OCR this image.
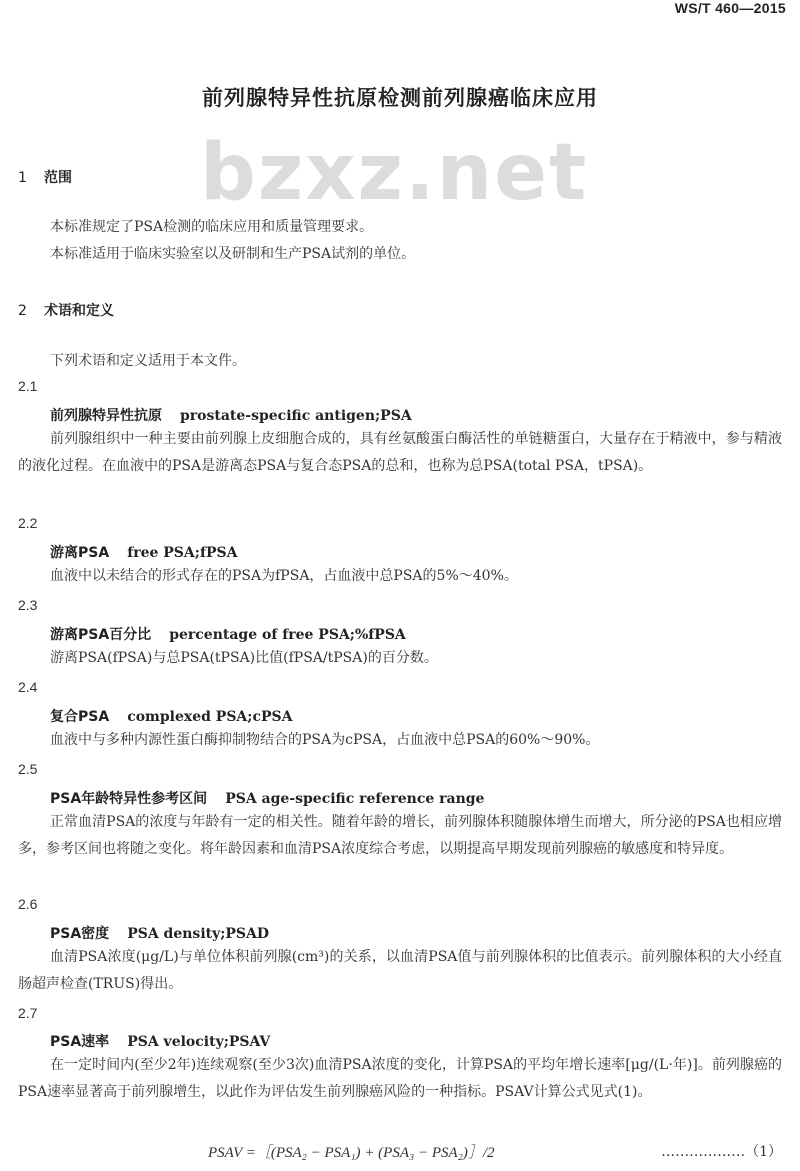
WS/T 460—2015
bzxz.net
前列腺特异性抗原检测前列腺癌临床应用
1 范围
本标准规定了PSA检测的临床应用和质量管理要求。
本标准适用于临床实验室以及研制和生产PSA试剂的单位。
2 术语和定义
下列术语和定义适用于本文件。
2.1
前列腺特异性抗原 prostate-specific antigen;PSA
前列腺组织中一种主要由前列腺上皮细胞合成的，具有丝氨酸蛋白酶活性的单链糖蛋白，大量存在于精液中，参与精液的液化过程。在血液中的PSA是游离态PSA与复合态PSA的总和，也称为总PSA(total PSA，tPSA)。
2.2
游离PSA free PSA;fPSA
血液中以未结合的形式存在的PSA为fPSA，占血液中总PSA的5%～40%。
2.3
游离PSA百分比 percentage of free PSA;%fPSA
游离PSA(fPSA)与总PSA(tPSA)比值(fPSA/tPSA)的百分数。
2.4
复合PSA complexed PSA;cPSA
血液中与多种内源性蛋白酶抑制物结合的PSA为cPSA，占血液中总PSA的60%～90%。
2.5
PSA年龄特异性参考区间 PSA age-specific reference range
正常血清PSA的浓度与年龄有一定的相关性。随着年龄的增长，前列腺体积随腺体增生而增大，所分泌的PSA也相应增多，参考区间也将随之变化。将年龄因素和血清PSA浓度综合考虑，以期提高早期发现前列腺癌的敏感度和特异度。
2.6
PSA密度 PSA density;PSAD
血清PSA浓度(μg/L)与单位体积前列腺(cm³)的关系，以血清PSA值与前列腺体积的比值表示。前列腺体积的大小经直肠超声检查(TRUS)得出。
2.7
PSA速率 PSA velocity;PSAV
在一定时间内(至少2年)连续观察(至少3次)血清PSA浓度的变化，计算PSA的平均年增长速率[μg/(L·年)]。前列腺癌的PSA速率显著高于前列腺增生，以此作为评估发生前列腺癌风险的一种指标。PSAV计算公式见式(1)。
PSAV =［(PSA₂ − PSA₁) + (PSA₃ − PSA₂)］/2	………………（1）
